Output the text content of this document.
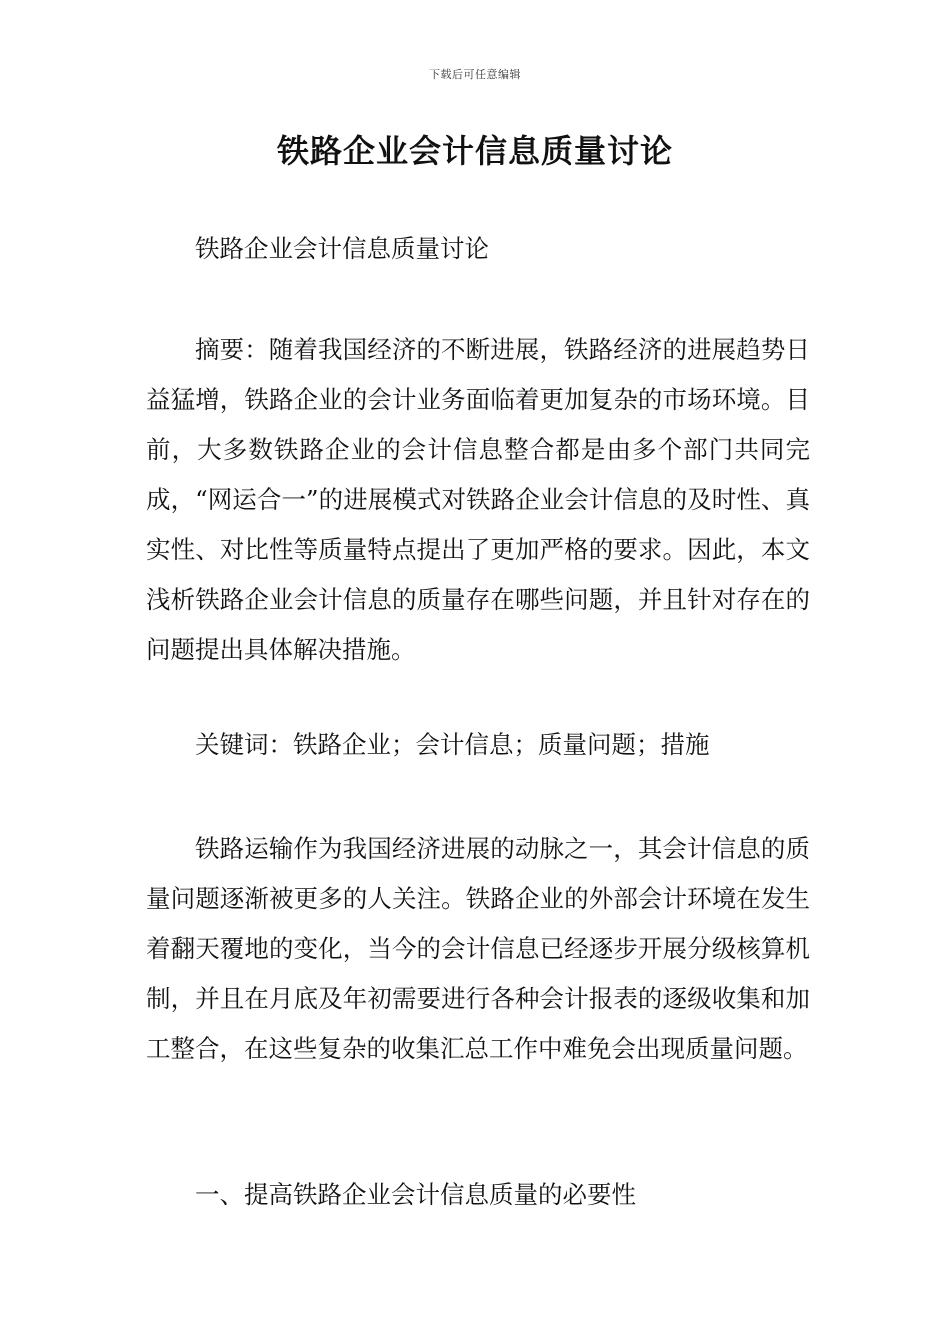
下载后可任意编辑
铁路企业会计信息质量讨论

铁路企业会计信息质量讨论

摘要：随着我国经济的不断进展，铁路经济的进展趋势日益猛增，铁路企业的会计业务面临着更加复杂的市场环境。目前，大多数铁路企业的会计信息整合都是由多个部门共同完成，“网运合一”的进展模式对铁路企业会计信息的及时性、真实性、对比性等质量特点提出了更加严格的要求。因此，本文浅析铁路企业会计信息的质量存在哪些问题，并且针对存在的问题提出具体解决措施。

关键词：铁路企业；会计信息；质量问题；措施

铁路运输作为我国经济进展的动脉之一，其会计信息的质量问题逐渐被更多的人关注。铁路企业的外部会计环境在发生着翻天覆地的变化，当今的会计信息已经逐步开展分级核算机制，并且在月底及年初需要进行各种会计报表的逐级收集和加工整合，在这些复杂的收集汇总工作中难免会出现质量问题。

一、提高铁路企业会计信息质量的必要性
